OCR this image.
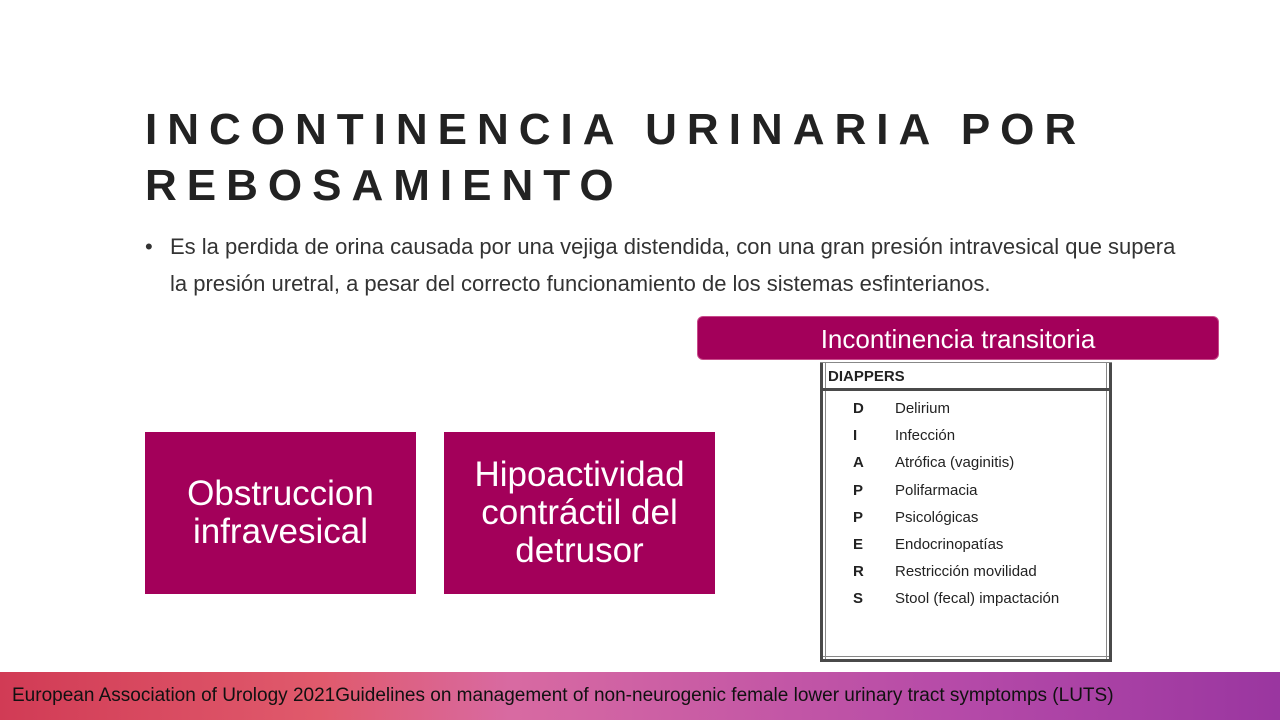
INCONTINENCIA URINARIA POR REBOSAMIENTO
• Es la perdida de orina causada por una vejiga distendida, con una gran presión intravesical que supera la presión uretral, a pesar del correcto funcionamiento de los sistemas esfinterianos.
Obstruccion infravesical
Hipoactividad contráctil del detrusor
Incontinencia transitoria
DIAPPERS
D Delirium
I	Infección
A Atrófica (vaginitis)
P Polifarmacia
P Psicológicas
E Endocrinopatías
R Restricción movilidad
S Stool (fecal) impactación
European Association of Urology 2021Guidelines on management of non-neurogenic female lower urinary tract symptomps (LUTS)
